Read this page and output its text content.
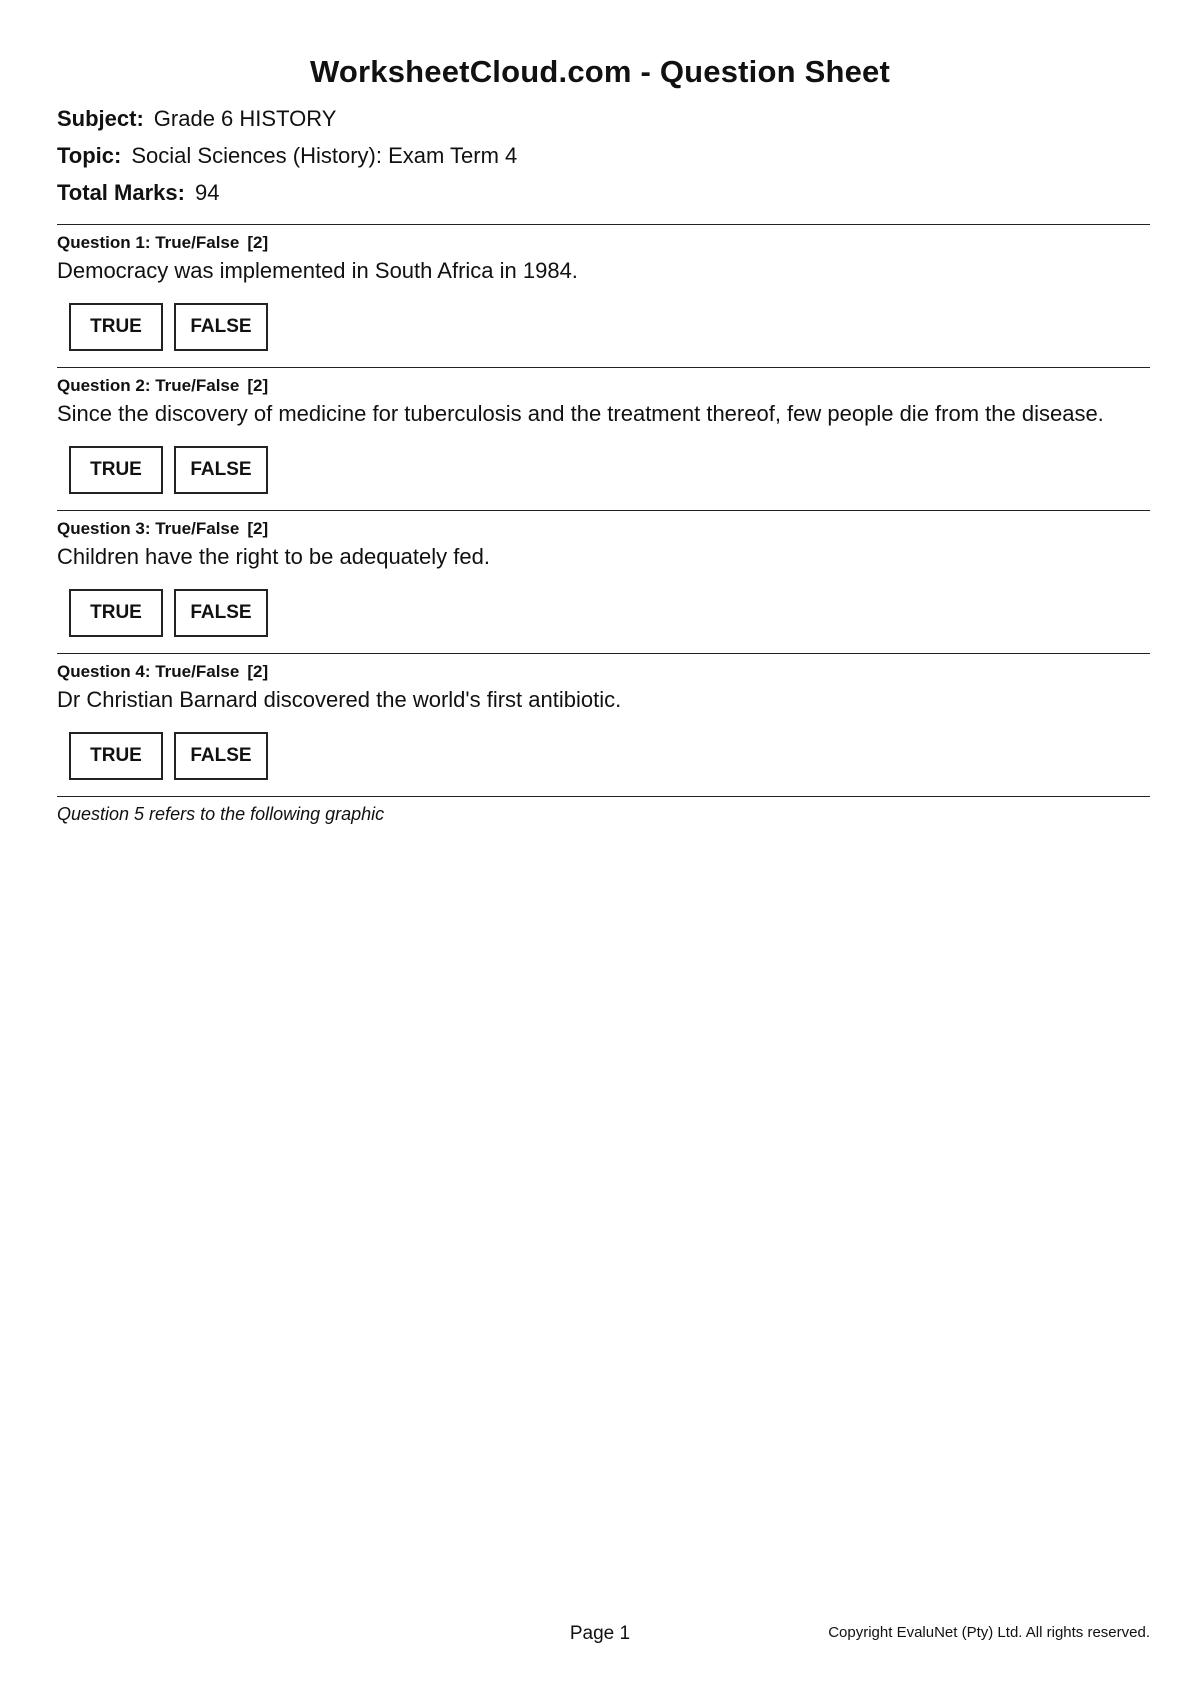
WorksheetCloud.com - Question Sheet
Subject: Grade 6 HISTORY
Topic: Social Sciences (History): Exam Term 4
Total Marks: 94

Question 1: True/False [2]

Democracy was implemented in South Africa in 1984.

TRUE	FALSE

Question 2: True/False [2]

Since the discovery of medicine for tuberculosis and the treatment thereof, few people die from the disease.

TRUE	FALSE

Question 3: True/False [2]

Children have the right to be adequately fed.

TRUE	FALSE

Question 4: True/False [2]

Dr Christian Barnard discovered the world's first antibiotic.

TRUE	FALSE
Question 5 refers to the following graphic
Page 1	Copyright EvaluNet (Pty) Ltd. All rights reserved.
